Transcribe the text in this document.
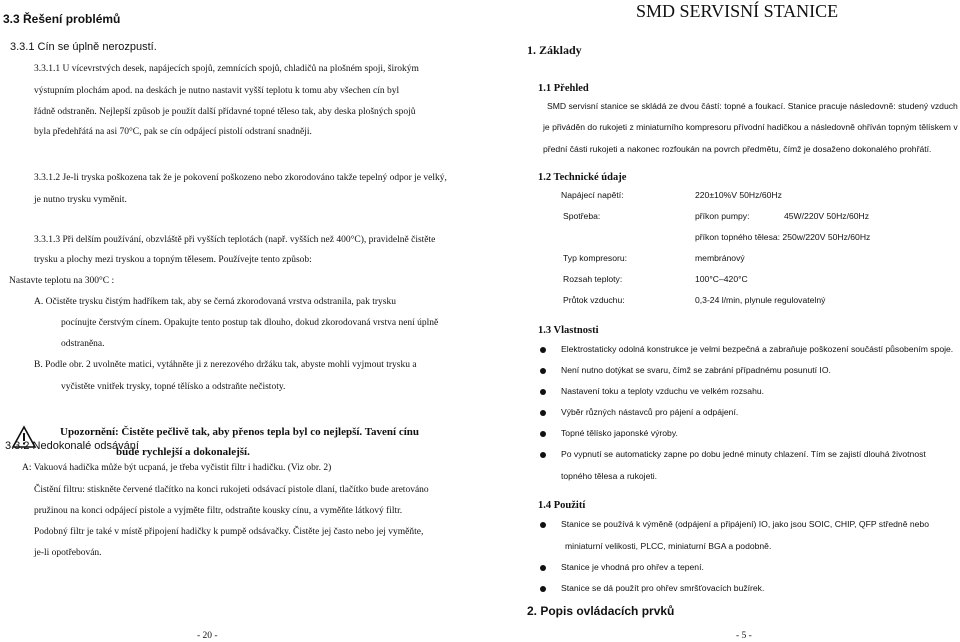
3.3 Řešení problémů
3.3.1 Cín se úplně nerozpustí.
3.3.1.1 U vícevrstvých desek, napájecích spojů, zemnících spojů, chladičů na plošném spoji, širokým
výstupním plochám apod. na deskách je nutno nastavit vyšší teplotu k tomu aby všechen cín byl
řádně odstraněn. Nejlepší způsob je použít další přídavné topné těleso tak, aby deska plošných spojů
byla předehřátá na asi 70°C, pak se cín odpájecí pistolí odstraní snadněji.
3.3.1.2 Je-li tryska poškozena tak že je pokovení poškozeno nebo zkorodováno takže tepelný odpor je velký,
je nutno trysku vyměnit.
3.3.1.3 Při delším používání, obzvláště při vyšších teplotách (např. vyšších než 400°C), pravidelně čistěte
trysku a plochy mezi tryskou a topným tělesem. Používejte tento způsob:
Nastavte teplotu na 300°C :
A. Očistěte trysku čistým hadříkem tak, aby se černá zkorodovaná vrstva odstranila, pak trysku
pocínujte čerstvým cínem. Opakujte tento postup tak dlouho, dokud zkorodovaná vrstva není úplně
odstraněna.
B. Podle obr. 2 uvolněte matici, vytáhněte ji z nerezového držáku tak, abyste mohli vyjmout trysku a
vyčistěte vnitřek trysky, topné tělísko a odstraňte nečistoty.
Upozornění: Čistěte pečlivě tak, aby přenos tepla byl co nejlepší. Tavení cínu
bude rychlejší a dokonalejší.
3.3.2 Nedokonalé odsávání
A: Vakuová hadička může být ucpaná, je třeba vyčistit filtr i hadičku. (Viz obr. 2)
Čistění filtru: stiskněte červené tlačítko na konci rukojeti odsávací pistole dlaní, tlačítko bude aretováno
pružinou na konci odpájecí pistole a vyjměte filtr, odstraňte kousky cínu, a vyměňte látkový filtr.
Podobný filtr je také v místě připojení hadičky k pumpě odsávačky. Čistěte jej často nebo jej vyměňte,
je-li opotřebován.
- 20 -
SMD SERVISNÍ STANICE
1. Základy
1.1 Přehled
SMD servisní stanice se skládá ze dvou částí: topné a foukací. Stanice pracuje následovně: studený vzduch
je přiváděn do rukojeti z miniaturního kompresoru přívodní hadičkou a následovně ohříván topným tělískem v
přední části rukojeti a nakonec rozfoukán na povrch předmětu, čímž je dosaženo dokonalého prohřátí.
1.2 Technické údaje
Napájecí napětí:	220±10%V 50Hz/60Hz
Spotřeba:	příkon pumpy:	45W/220V 50Hz/60Hz
příkon topného tělesa: 250w/220V 50Hz/60Hz
Typ kompresoru:	membránový
Rozsah teploty:	100°C–420°C
Průtok vzduchu:	0,3-24 l/min, plynule regulovatelný
1.3 Vlastnosti
Elektrostaticky odolná konstrukce je velmi bezpečná a zabraňuje poškození součástí působením spoje.
Není nutno dotýkat se svaru, čímž se zabrání případnému posunutí IO.
Nastavení toku a teploty vzduchu ve velkém rozsahu.
Výběr různých nástavců pro pájení a odpájení.
Topné tělísko japonské výroby.
Po vypnutí se automaticky zapne po dobu jedné minuty chlazení. Tím se zajistí dlouhá životnost
topného tělesa a rukojeti.
1.4 Použití
Stanice se používá k výměně (odpájení a připájení) IO, jako jsou SOIC, CHIP, QFP středně nebo
miniaturní velikosti, PLCC, miniaturní BGA a podobně.
Stanice je vhodná pro ohřev a tepení.
Stanice se dá použít pro ohřev smršťovacích bužírek.
2. Popis ovládacích prvků
- 5 -
